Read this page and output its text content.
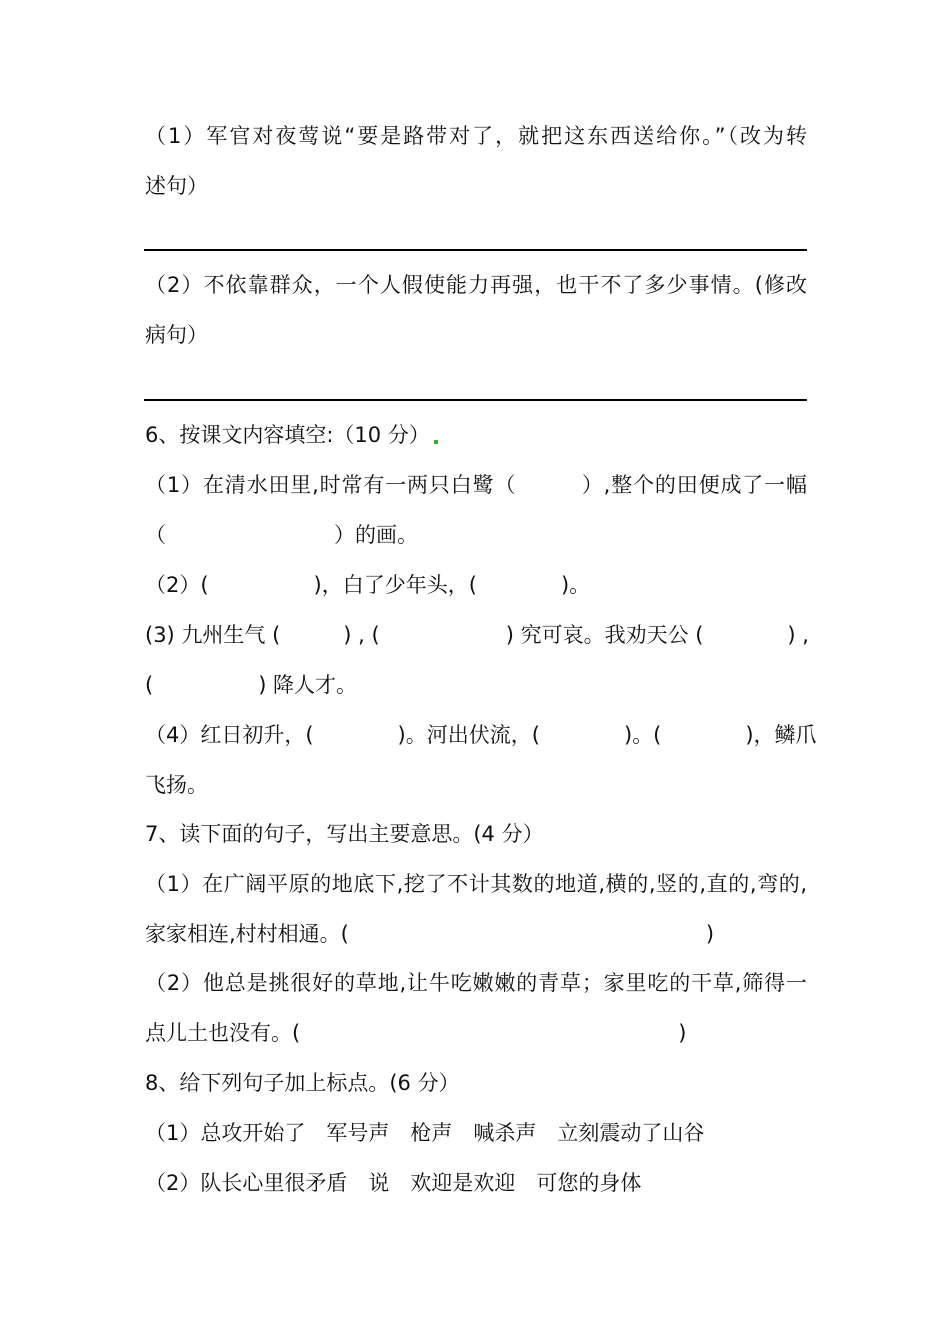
（1）军官对夜莺说“要是路带对了，就把这东西送给你。”（改为转
述句）
（2）不依靠群众，一个人假使能力再强，也干不了多少事情。(修改
病句）
6、按课文内容填空:（10 分）
（1）在清水田里,时常有一两只白鹭（　　　）,整个的田便成了一幅
（　　　　　　　　）的画。
（2）(　　　　　)，白了少年头，(　　　　)。
(3) 九州生气 (　　　) , (　　　　　　) 究可哀。我劝天公 (　　　　) ,
(　　　　　) 降人才。
（4）红日初升，(　　　　)。河出伏流，(　　　　)。(　　　　)，鳞爪
飞扬。
7、读下面的句子，写出主要意思。(4 分）
（1）在广阔平原的地底下,挖了不计其数的地道,横的,竖的,直的,弯的,
家家相连,村村相通。(　　　　　　　　　　　　　　　　　)
（2）他总是挑很好的草地,让牛吃嫩嫩的青草；家里吃的干草,筛得一
点儿土也没有。(　　　　　　　　　　　　　　　　　　)
8、给下列句子加上标点。(6 分）
（1）总攻开始了　军号声　枪声　喊杀声　立刻震动了山谷
（2）队长心里很矛盾　说　欢迎是欢迎　可您的身体
